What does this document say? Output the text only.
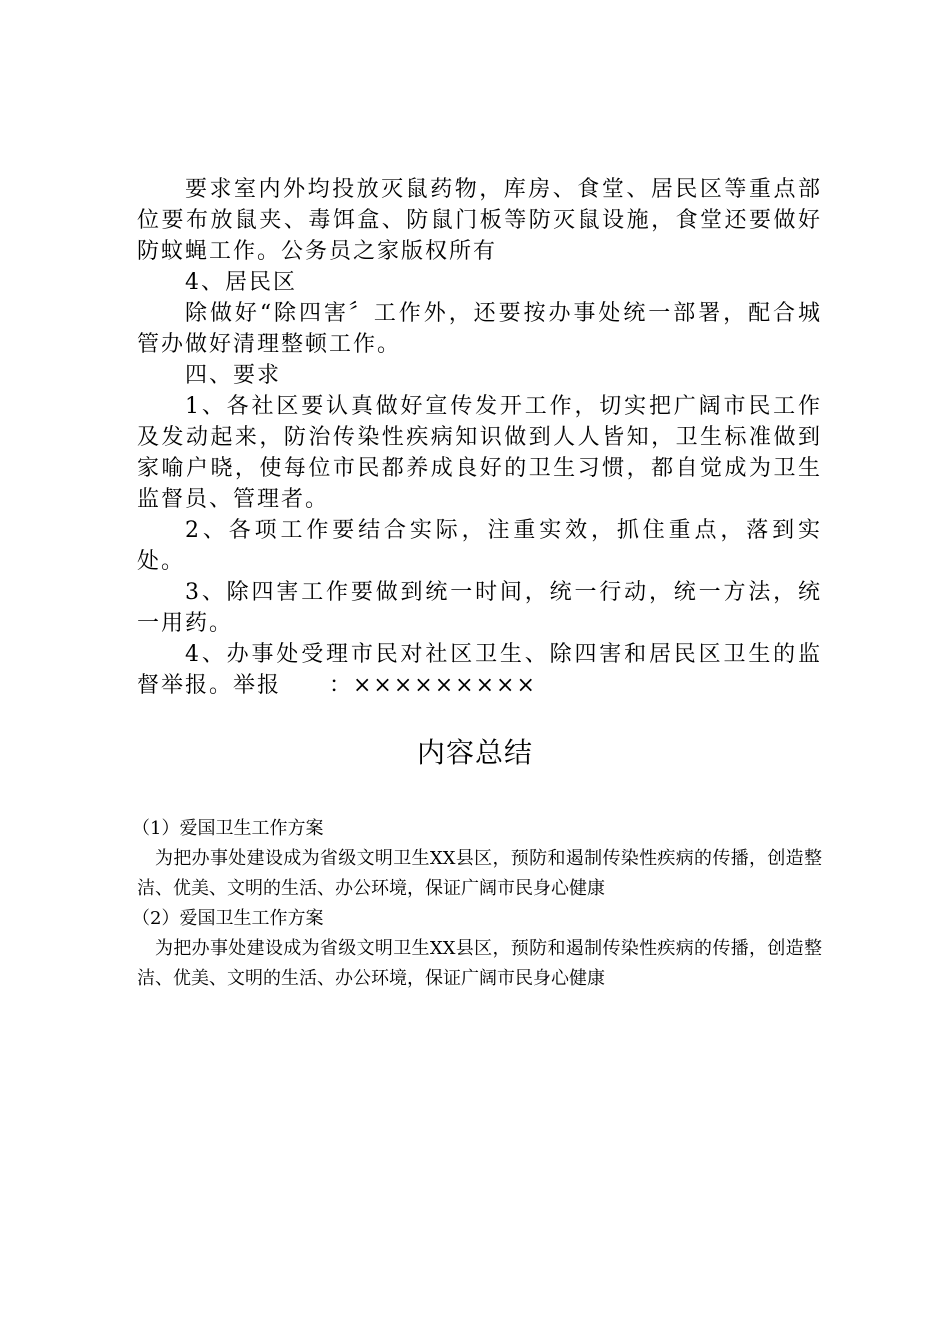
要求室内外均投放灭鼠药物，库房、食堂、居民区等重点部位要布放鼠夹、毒饵盒、防鼠门板等防灭鼠设施，食堂还要做好防蚊蝇工作。公务员之家版权所有

4、居民区

除做好“除四害〞工作外，还要按办事处统一部署，配合城管办做好清理整顿工作。

四、要求

1、各社区要认真做好宣传发开工作，切实把广阔市民工作及发动起来，防治传染性疾病知识做到人人皆知，卫生标准做到家喻户晓，使每位市民都养成良好的卫生习惯，都自觉成为卫生监督员、管理者。

2、各项工作要结合实际，注重实效，抓住重点，落到实处。

3、除四害工作要做到统一时间，统一行动，统一方法，统一用药。

4、办事处受理市民对社区卫生、除四害和居民区卫生的监督举报。举报　　：×××××××××

内容总结

（1）爱国卫生工作方案

为把办事处建设成为省级文明卫生XX县区，预防和遏制传染性疾病的传播，创造整洁、优美、文明的生活、办公环境，保证广阔市民身心健康

（2）爱国卫生工作方案

为把办事处建设成为省级文明卫生XX县区，预防和遏制传染性疾病的传播，创造整洁、优美、文明的生活、办公环境，保证广阔市民身心健康
